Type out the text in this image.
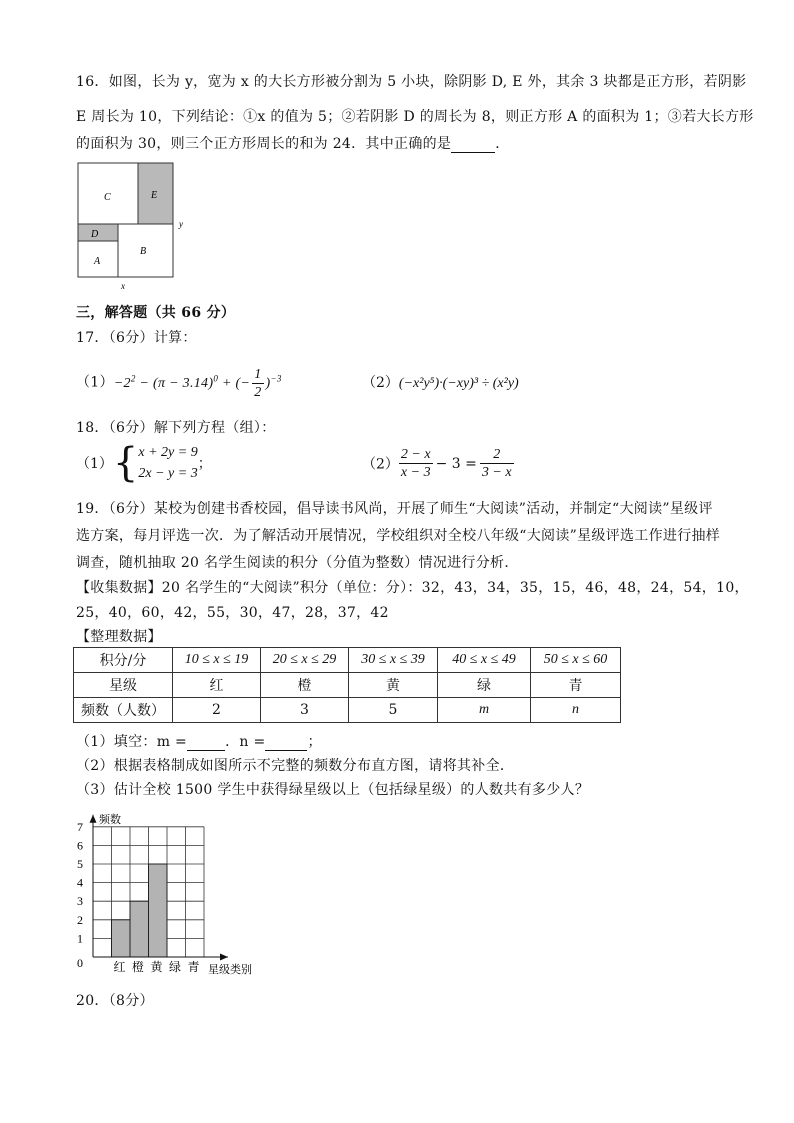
16．如图，长为 y，宽为 x 的大长方形被分割为 5 小块，除阴影 D, E 外，其余 3 块都是正方形，若阴影
E 周长为 10，下列结论：①x 的值为 5；②若阴影 D 的周长为 8，则正方形 A 的面积为 1；③若大长方形
的面积为 30，则三个正方形周长的和为 24．其中正确的是	．
C	E
D
A
B
x
y
三，解答题（共 66 分）
17．（6分）计算：
$(1)-2^2 - (\pi - 3.14)^0$ + (− $\frac{1}{2} )^{-3}$	（2）(−x²y⁵)·(−xy)³ ÷ (x²y)
18．（6分）解下列方程（组）：
（1）{ x + 2y = 9
2x − y = 3
；	$(2) \frac{2 - x}{x - 3} - 3 = \frac{2}{3 - x}$
19．（6分）某校为创建书香校园，倡导读书风尚，开展了师生“大阅读”活动，并制定“大阅读”星级评
选方案，每月评选一次．为了解活动开展情况，学校组织对全校八年级“大阅读”星级评选工作进行抽样
调查，随机抽取 20 名学生阅读的积分（分值为整数）情况进行分析．
【收集数据】20 名学生的“大阅读”积分（单位：分）：32，43，34，35，15，46，48，24，54，10，
25，40，60，42，55，30，47，28，37，42
【整理数据】
积分/分	10 ≤ x ≤ 19	20 ≤ x ≤ 29	30 ≤ x ≤ 39	40 ≤ x ≤ 49	50 ≤ x ≤ 60
星级	红	橙	黄	绿	青
频数（人数）	2	3	5	m	n
（1）填空：m =	．n =	；
（2）根据表格制成如图所示不完整的频数分布直方图，请将其补全．
（3）估计全校 1500 学生中获得绿星级以上（包括绿星级）的人数共有多少人？
0
1
2
3
4
5
6
7
红 橙 黄 绿 青
频数
星级类别
20．（8分）
